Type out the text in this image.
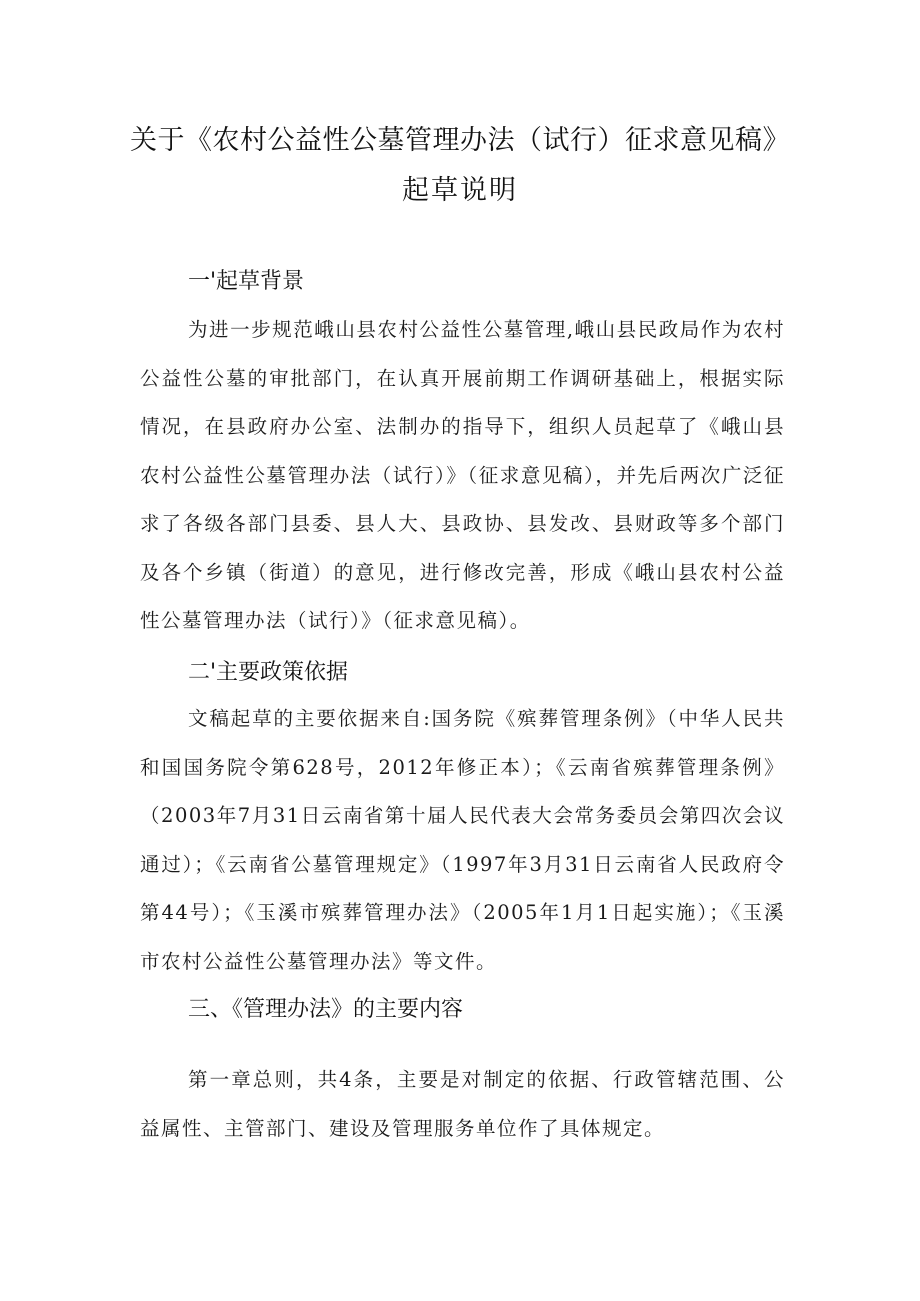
关于《农村公益性公墓管理办法（试行）征求意见稿》
起草说明
一'起草背景
为进一步规范峨山县农村公益性公墓管理,峨山县民政局作为农村公益性公墓的审批部门，在认真开展前期工作调研基础上，根据实际情况，在县政府办公室、法制办的指导下，组织人员起草了《峨山县农村公益性公墓管理办法（试行）》（征求意见稿），并先后两次广泛征求了各级各部门县委、县人大、县政协、县发改、县财政等多个部门及各个乡镇（街道）的意见，进行修改完善，形成《峨山县农村公益性公墓管理办法（试行）》（征求意见稿）。
二'主要政策依据
文稿起草的主要依据来自:国务院《殡葬管理条例》（中华人民共和国国务院令第628号，2012年修正本）；《云南省殡葬管理条例》（2003年7月31日云南省第十届人民代表大会常务委员会第四次会议通过）；《云南省公墓管理规定》（1997年3月31日云南省人民政府令第44号）；《玉溪市殡葬管理办法》（2005年1月1日起实施）；《玉溪市农村公益性公墓管理办法》等文件。
三、《管理办法》的主要内容
第一章总则，共4条，主要是对制定的依据、行政管辖范围、公益属性、主管部门、建设及管理服务单位作了具体规定。
